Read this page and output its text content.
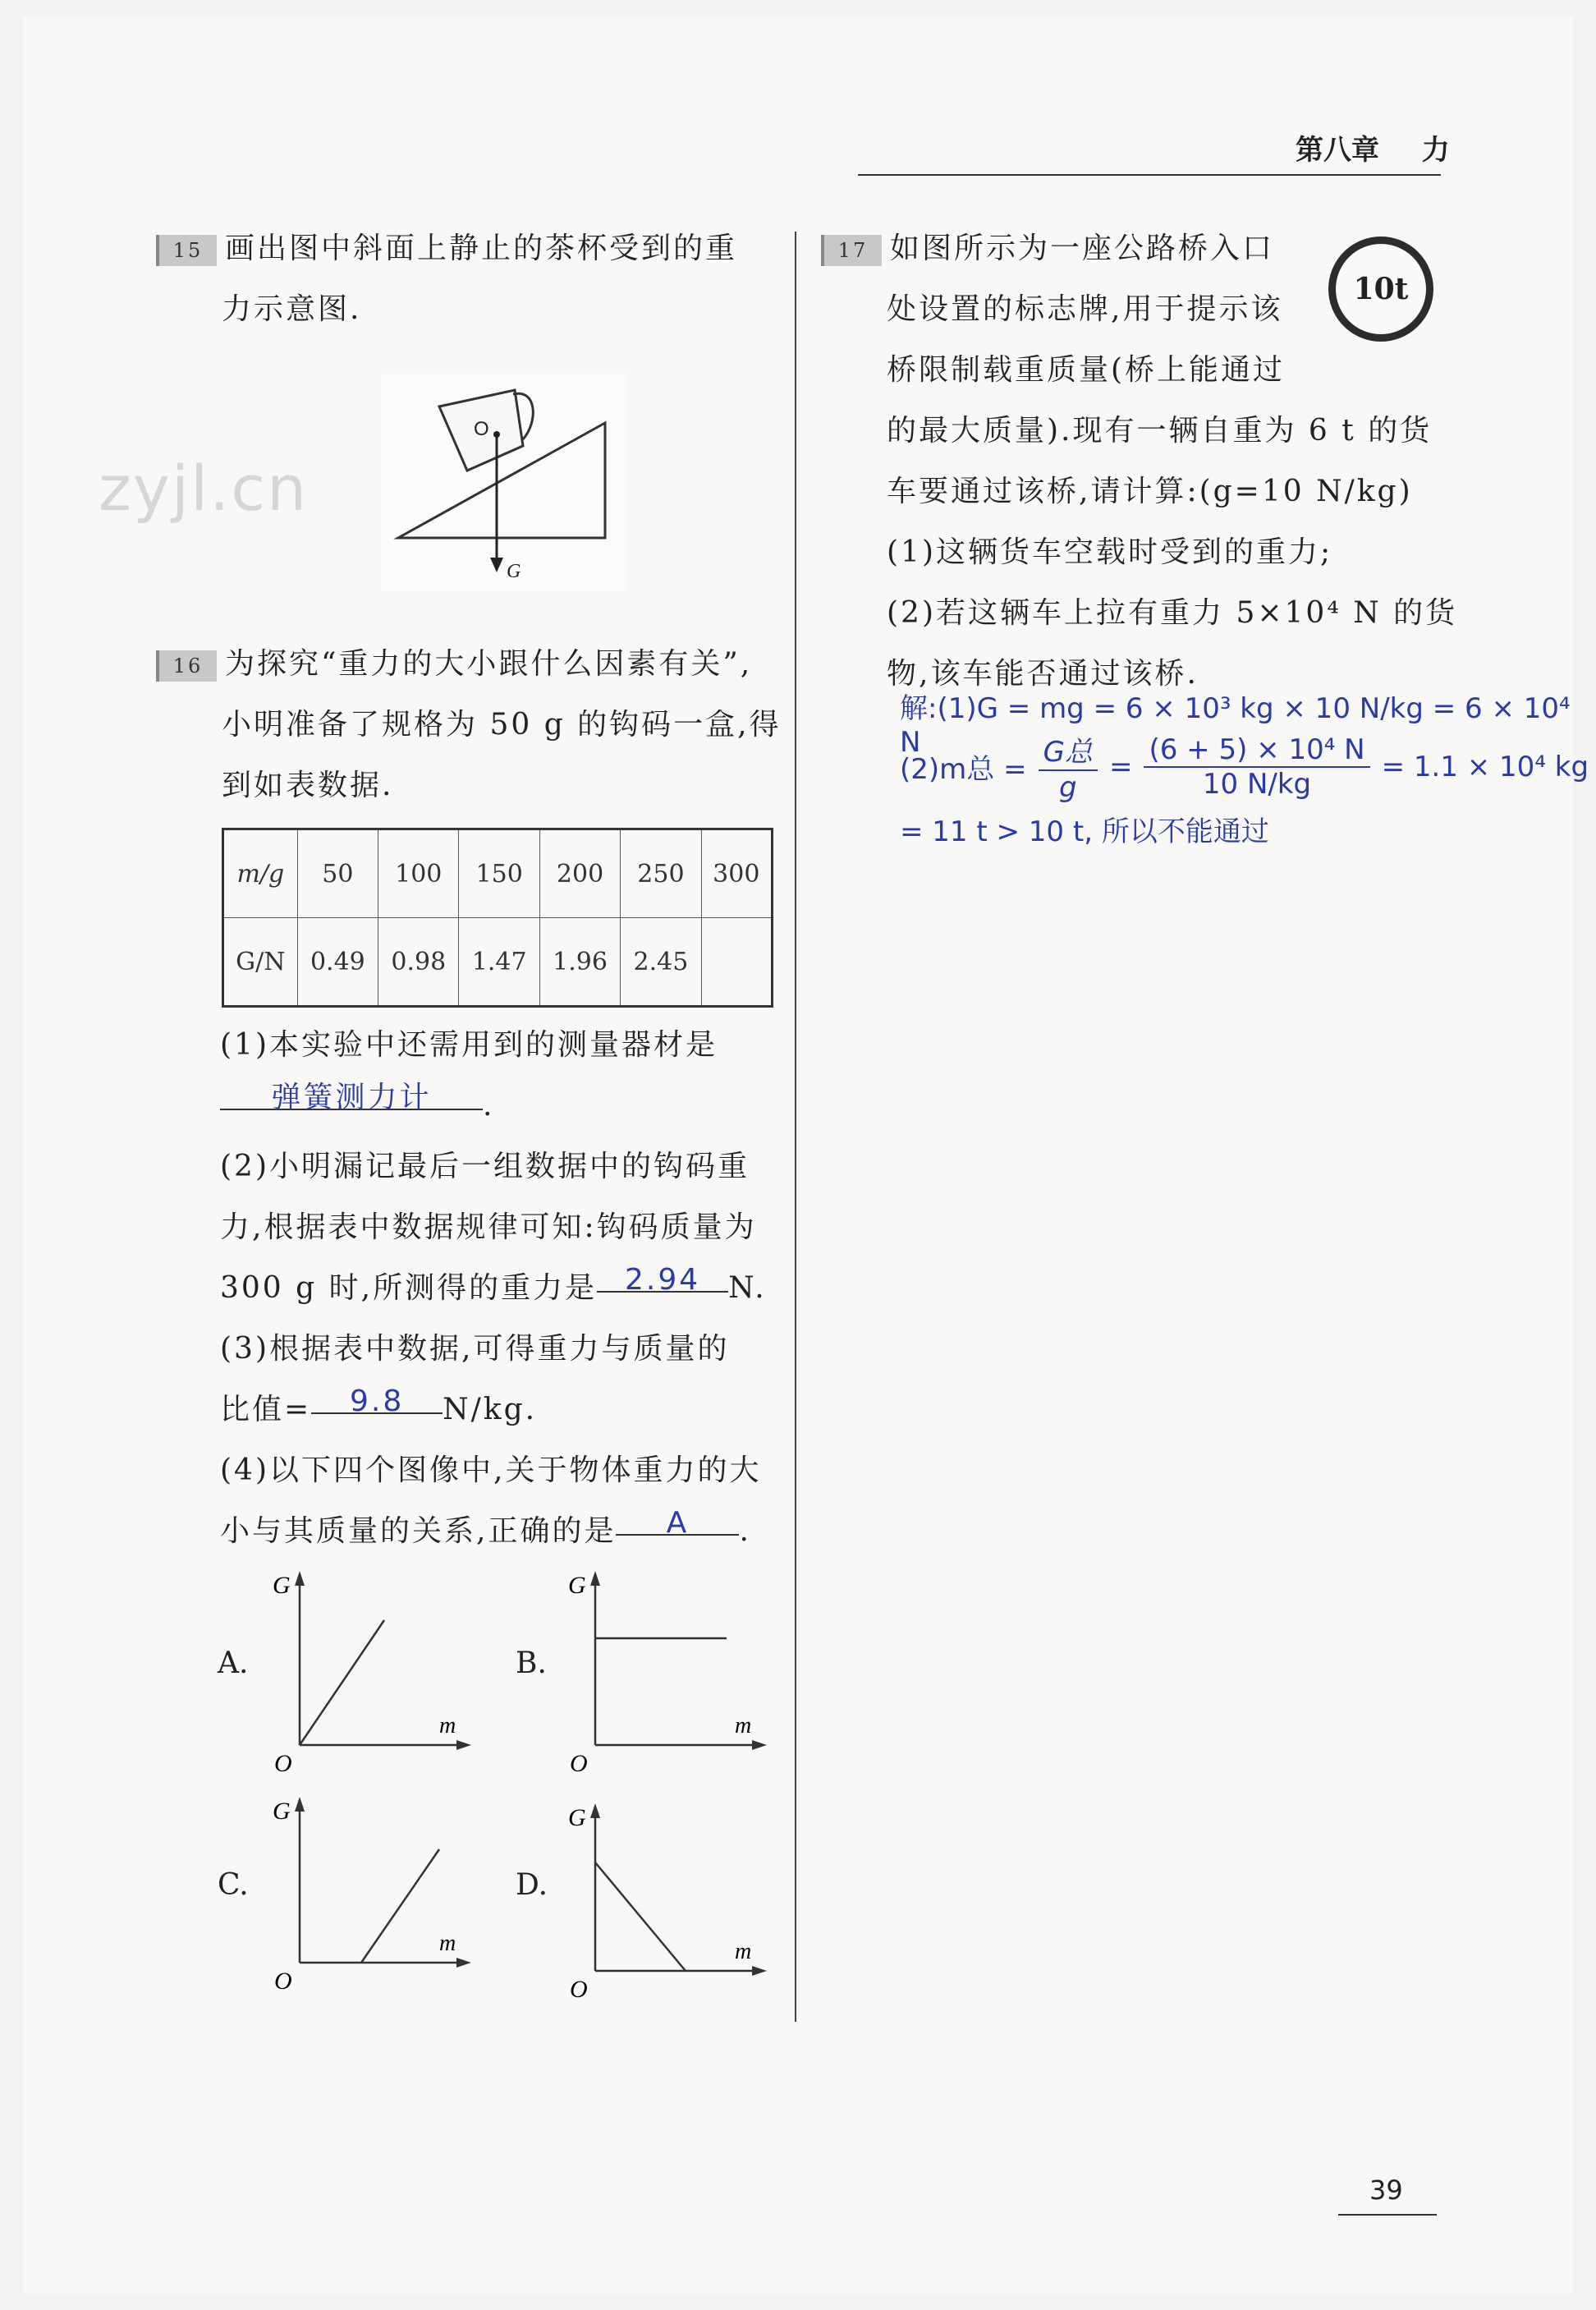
第八章 力
zyjl.cn
15 画出图中斜面上静止的茶杯受到的重
力示意图.
O
G
16 为探究“重力的大小跟什么因素有关”,
小明准备了规格为 50 g 的钩码一盒,得
到如表数据.
m/g	50	100	150	200	250	300
G/N	0.49	0.98	1.47	1.96	2.45	
(1)本实验中还需用到的测量器材是
弹簧测力计 .
(2)小明漏记最后一组数据中的钩码重
力,根据表中数据规律可知:钩码质量为
300 g 时,所测得的重力是 2.94 N.
(3)根据表中数据,可得重力与质量的
比值= 9.8 N/kg.
(4)以下四个图像中,关于物体重力的大
小与其质量的关系,正确的是 A .
A.
G
m
O
B.
G
m
O
C.
G
m
O
D.
G
m
O
17 如图所示为一座公路桥入口
处设置的标志牌,用于提示该
桥限制载重质量(桥上能通过
的最大质量).现有一辆自重为 6 t 的货
车要通过该桥,请计算:(g=10 N/kg)
(1)这辆货车空载时受到的重力;
(2)若这辆车上拉有重力 5×10⁴ N 的货
物,该车能否通过该桥.
10t
解:(1)G = mg = 6 × 10³ kg × 10 N/kg = 6 × 10⁴ N
(2)m总 =
G总
g
= $\frac{\text{(6 + 5) × 10⁴ N}}{10 N/kg} = 1.1 \times 10^4$ kg
= 11 t > 10 t, 所以不能通过
39
